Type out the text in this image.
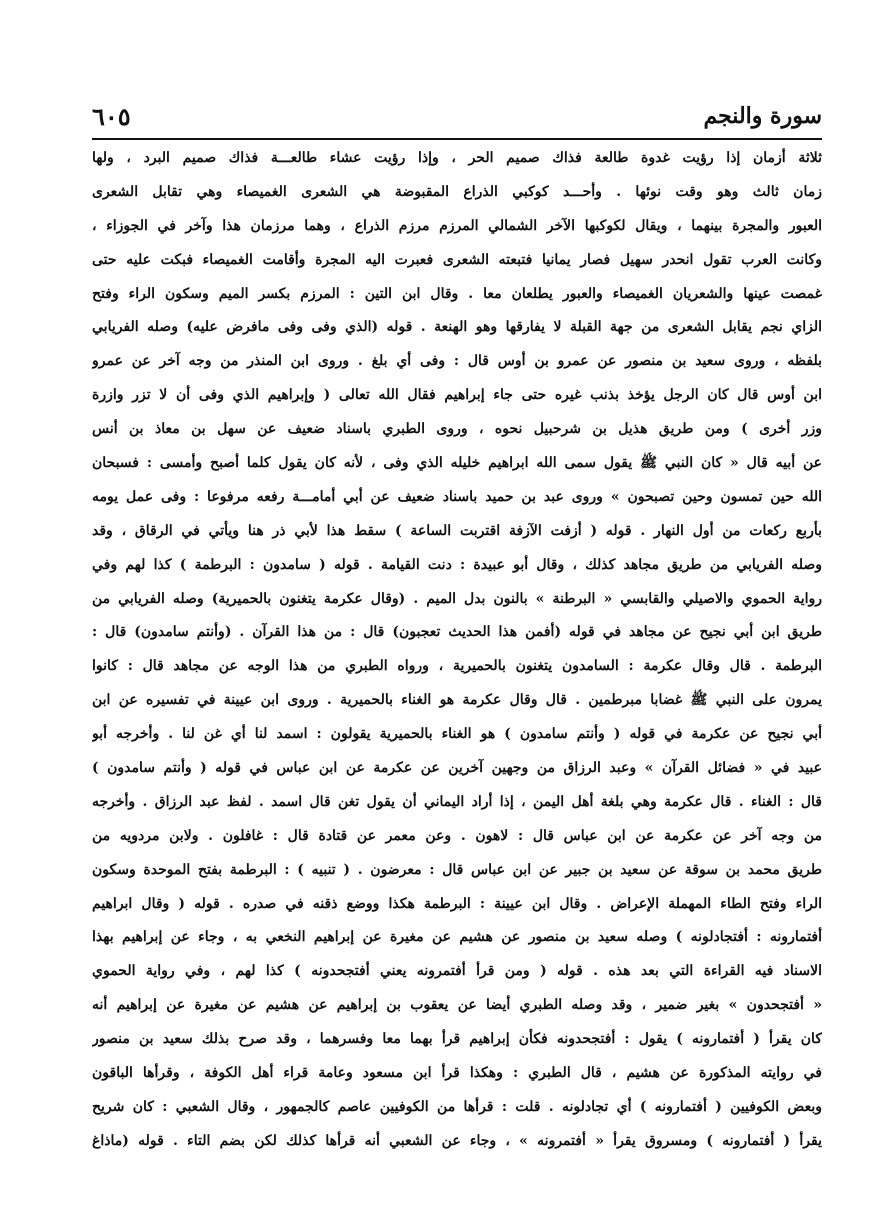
سورة والنجم
٦٠٥
ثلاثة أزمان إذا رؤيت غدوة طالعة فذاك صميم الحر ، وإذا رؤيت عشاء طالعـــة فذاك صميم البرد ، ولها
زمان ثالث وهو وقت نوئها . وأحـــد كوكبي الذراع المقبوضة هي الشعرى الغميصاء وهي تقابل الشعرى
العبور والمجرة بينهما ، ويقال لكوكبها الآخر الشمالي المرزم مرزم الذراع ، وهما مرزمان هذا وآخر في الجوزاء ،
وكانت العرب تقول انحدر سهيل فصار يمانيا فتبعته الشعرى فعبرت اليه المجرة وأقامت الغميصاء فبكت عليه حتى
غمصت عينها والشعريان الغميصاء والعبور يطلعان معا . وقال ابن التين : المرزم بكسر الميم وسكون الراء وفتح
الزاي نجم يقابل الشعرى من جهة القبلة لا يفارقها وهو الهنعة . قوله (الذي وفى وفى مافرض عليه) وصله الفريابي
بلفظه ، وروى سعيد بن منصور عن عمرو بن أوس قال : وفى أي بلغ . وروى ابن المنذر من وجه آخر عن عمرو
ابن أوس قال كان الرجل يؤخذ بذنب غيره حتى جاء إبراهيم فقال الله تعالى ( وإبراهيم الذي وفى أن لا تزر وازرة
وزر أخرى ) ومن طريق هذيل بن شرحبيل نحوه ، وروى الطبري باسناد ضعيف عن سهل بن معاذ بن أنس
عن أبيه قال « كان النبي ﷺ يقول سمى الله ابراهيم خليله الذي وفى ، لأنه كان يقول كلما أصبح وأمسى : فسبحان
الله حين تمسون وحين تصبحون » وروى عبد بن حميد باسناد ضعيف عن أبي أمامـــة رفعه مرفوعا : وفى عمل يومه
بأربع ركعات من أول النهار . قوله ( أزفت الآزفة اقتربت الساعة ) سقط هذا لأبي ذر هنا ويأتي في الرقاق ، وقد
وصله الفريابي من طريق مجاهد كذلك ، وقال أبو عبيدة : دنت القيامة . قوله ( سامدون : البرطمة ) كذا لهم وفي
رواية الحموي والاصيلي والقابسي « البرطنة » بالنون بدل الميم . (وقال عكرمة يتغنون بالحميرية) وصله الفريابي من
طريق ابن أبي نجيح عن مجاهد في قوله (أفمن هذا الحديث تعجبون) قال : من هذا القرآن . (وأنتم سامدون) قال :
البرطمة . قال وقال عكرمة : السامدون يتغنون بالحميرية ، ورواه الطبري من هذا الوجه عن مجاهد قال : كانوا
يمرون على النبي ﷺ غضابا مبرطمين . قال وقال عكرمة هو الغناء بالحميرية . وروى ابن عيينة في تفسيره عن ابن
أبي نجيح عن عكرمة في قوله ( وأنتم سامدون ) هو الغناء بالحميرية يقولون : اسمد لنا أي غن لنا . وأخرجه أبو
عبيد في « فضائل القرآن » وعبد الرزاق من وجهين آخرين عن عكرمة عن ابن عباس في قوله ( وأنتم سامدون )
قال : الغناء . قال عكرمة وهي بلغة أهل اليمن ، إذا أراد اليماني أن يقول تغن قال اسمد . لفظ عبد الرزاق . وأخرجه
من وجه آخر عن عكرمة عن ابن عباس قال : لاهون . وعن معمر عن قتادة قال : غافلون . ولابن مردويه من
طريق محمد بن سوقة عن سعيد بن جبير عن ابن عباس قال : معرضون . ( تنبيه ) : البرطمة بفتح الموحدة وسكون
الراء وفتح الطاء المهملة الإعراض . وقال ابن عيينة : البرطمة هكذا ووضع ذقنه في صدره . قوله ( وقال ابراهيم
أفتمارونه : أفتجادلونه ) وصله سعيد بن منصور عن هشيم عن مغيرة عن إبراهيم النخعي به ، وجاء عن إبراهيم بهذا
الاسناد فيه القراءة التي بعد هذه . قوله ( ومن قرأ أفتمرونه يعني أفتجحدونه ) كذا لهم ، وفي رواية الحموي
« أفتجحدون » بغير ضمير ، وقد وصله الطبري أيضا عن يعقوب بن إبراهيم عن هشيم عن مغيرة عن إبراهيم أنه
كان يقرأ ( أفتمارونه ) يقول : أفتجحدونه فكأن إبراهيم قرأ بهما معا وفسرهما ، وقد صرح بذلك سعيد بن منصور
في روايته المذكورة عن هشيم ، قال الطبري : وهكذا قرأ ابن مسعود وعامة قراء أهل الكوفة ، وقرأها الباقون
وبعض الكوفيين ( أفتمارونه ) أي تجادلونه . قلت : قرأها من الكوفيين عاصم كالجمهور ، وقال الشعبي : كان شريح
يقرأ ( أفتمارونه ) ومسروق يقرأ « أفتمرونه » ، وجاء عن الشعبي أنه قرأها كذلك لكن بضم التاء . قوله (ماذاغ
